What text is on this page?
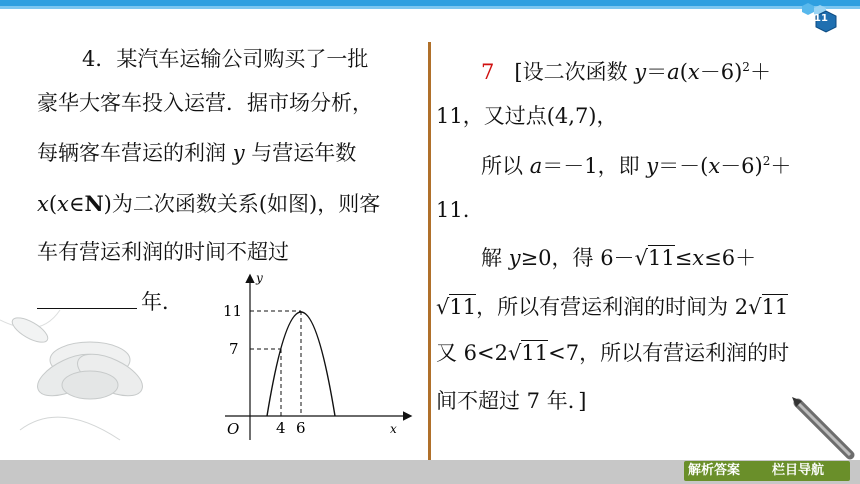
11
4．某汽车运输公司购买了一批
豪华大客车投入运营．据市场分析，
每辆客车营运的利润 y 与营运年数
x(x∈N)为二次函数关系(如图)，则客
车有营运利润的时间不超过
年．
y
x
O
11
7
4 6
7 [设二次函数 $y=a(x-6)^2+$
11，又过点(4,7)，
所以 a＝－1，即 $y=-(x-6)^2+$
11.
解 y≥0，得 6－√11≤x≤6＋
√11，所以有营运利润的时间为 2√11
又 6<2√11<7，所以有营运利润的时
间不超过 7 年．]
解析答案	栏目导航
